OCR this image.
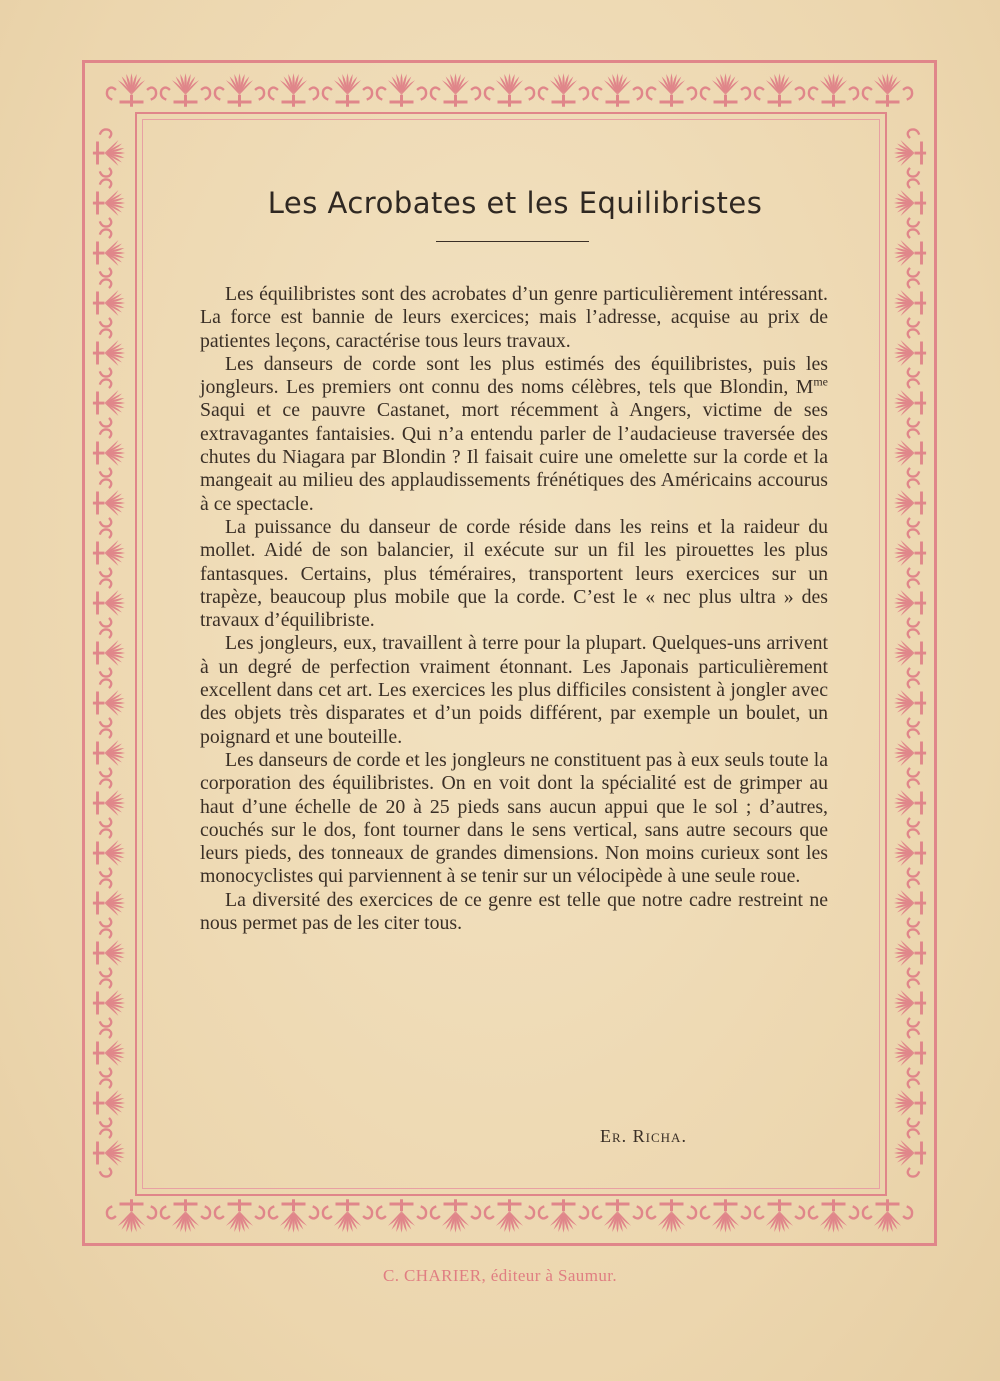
Les Acrobates et les Equilibristes

Les équilibristes sont des acrobates d’un genre particulièrement intéressant. La force est bannie de leurs exercices; mais l’adresse, acquise au prix de patientes leçons, caractérise tous leurs travaux.

Les danseurs de corde sont les plus estimés des équilibristes, puis les jongleurs. Les premiers ont connu des noms célèbres, tels que Blondin, $M^{me}$ Saqui et ce pauvre Castanet, mort récemment à Angers, victime de ses extravagantes fantaisies. Qui n’a entendu parler de l’audacieuse traversée des chutes du Niagara par Blondin ? Il faisait cuire une omelette sur la corde et la mangeait au milieu des applaudissements frénétiques des Américains accourus à ce spectacle.

La puissance du danseur de corde réside dans les reins et la raideur du mollet. Aidé de son balancier, il exécute sur un fil les pirouettes les plus fantasques. Certains, plus téméraires, transportent leurs exercices sur un trapèze, beaucoup plus mobile que la corde. C’est le « nec plus ultra » des travaux d’équilibriste.

Les jongleurs, eux, travaillent à terre pour la plupart. Quelques-uns arrivent à un degré de perfection vraiment étonnant. Les Japonais particulièrement excellent dans cet art. Les exercices les plus difficiles consistent à jongler avec des objets très disparates et d’un poids différent, par exemple un boulet, un poignard et une bouteille.

Les danseurs de corde et les jongleurs ne constituent pas à eux seuls toute la corporation des équilibristes. On en voit dont la spécialité est de grimper au haut d’une échelle de 20 à 25 pieds sans aucun appui que le sol ; d’autres, couchés sur le dos, font tourner dans le sens vertical, sans autre secours que leurs pieds, des tonneaux de grandes dimensions. Non moins curieux sont les monocyclistes qui parviennent à se tenir sur un vélocipède à une seule roue.

La diversité des exercices de ce genre est telle que notre cadre restreint ne nous permet pas de les citer tous.

Er. Richa.
C. CHARIER, éditeur à Saumur.
